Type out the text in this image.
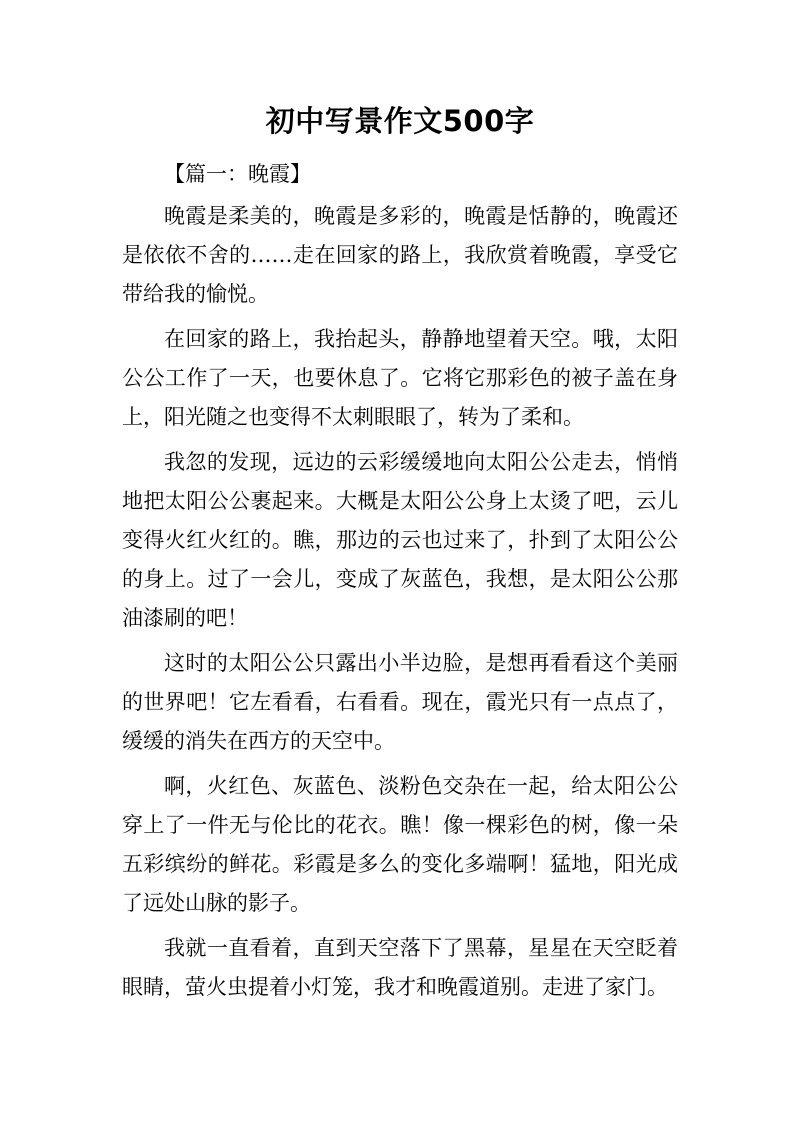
初中写景作文500字
【篇一：晚霞】

晚霞是柔美的，晚霞是多彩的，晚霞是恬静的，晚霞还是依依不舍的……走在回家的路上，我欣赏着晚霞，享受它带给我的愉悦。

在回家的路上，我抬起头，静静地望着天空。哦，太阳公公工作了一天，也要休息了。它将它那彩色的被子盖在身上，阳光随之也变得不太刺眼眼了，转为了柔和。

我忽的发现，远边的云彩缓缓地向太阳公公走去，悄悄地把太阳公公裹起来。大概是太阳公公身上太烫了吧，云儿变得火红火红的。瞧，那边的云也过来了，扑到了太阳公公的身上。过了一会儿，变成了灰蓝色，我想，是太阳公公那油漆刷的吧！

这时的太阳公公只露出小半边脸，是想再看看这个美丽的世界吧！它左看看，右看看。现在，霞光只有一点点了，缓缓的消失在西方的天空中。

啊，火红色、灰蓝色、淡粉色交杂在一起，给太阳公公穿上了一件无与伦比的花衣。瞧！像一棵彩色的树，像一朵五彩缤纷的鲜花。彩霞是多么的变化多端啊！猛地，阳光成了远处山脉的影子。

我就一直看着，直到天空落下了黑幕，星星在天空眨着眼睛，萤火虫提着小灯笼，我才和晚霞道别。走进了家门。
